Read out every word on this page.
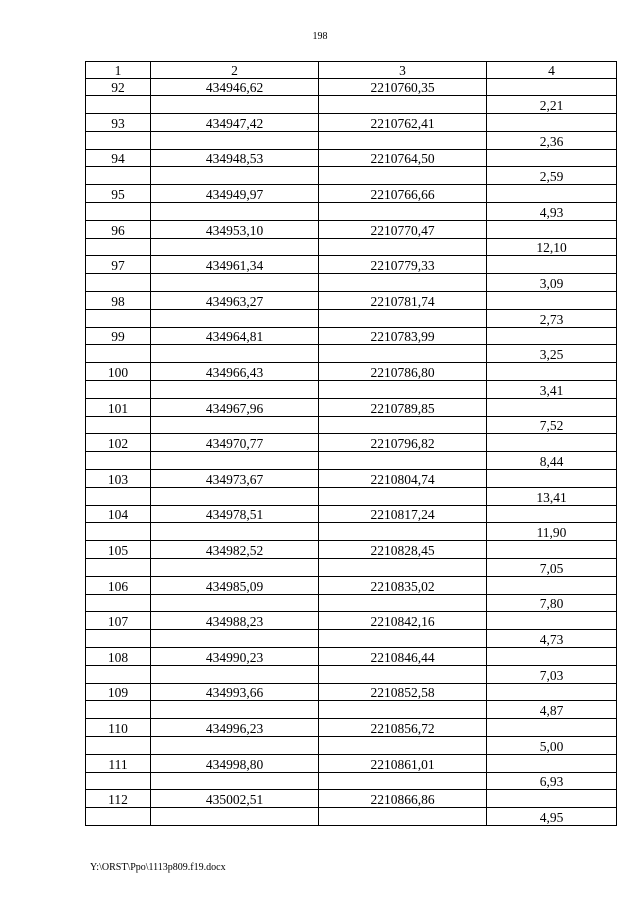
198
1	2	3	4
92	434946,62	2210760,35	
			2,21
93	434947,42	2210762,41	
			2,36
94	434948,53	2210764,50	
			2,59
95	434949,97	2210766,66	
			4,93
96	434953,10	2210770,47	
			12,10
97	434961,34	2210779,33	
			3,09
98	434963,27	2210781,74	
			2,73
99	434964,81	2210783,99	
			3,25
100	434966,43	2210786,80	
			3,41
101	434967,96	2210789,85	
			7,52
102	434970,77	2210796,82	
			8,44
103	434973,67	2210804,74	
			13,41
104	434978,51	2210817,24	
			11,90
105	434982,52	2210828,45	
			7,05
106	434985,09	2210835,02	
			7,80
107	434988,23	2210842,16	
			4,73
108	434990,23	2210846,44	
			7,03
109	434993,66	2210852,58	
			4,87
110	434996,23	2210856,72	
			5,00
111	434998,80	2210861,01	
			6,93
112	435002,51	2210866,86	
			4,95
Y:\ORST\Ppo\1113p809.f19.docx
